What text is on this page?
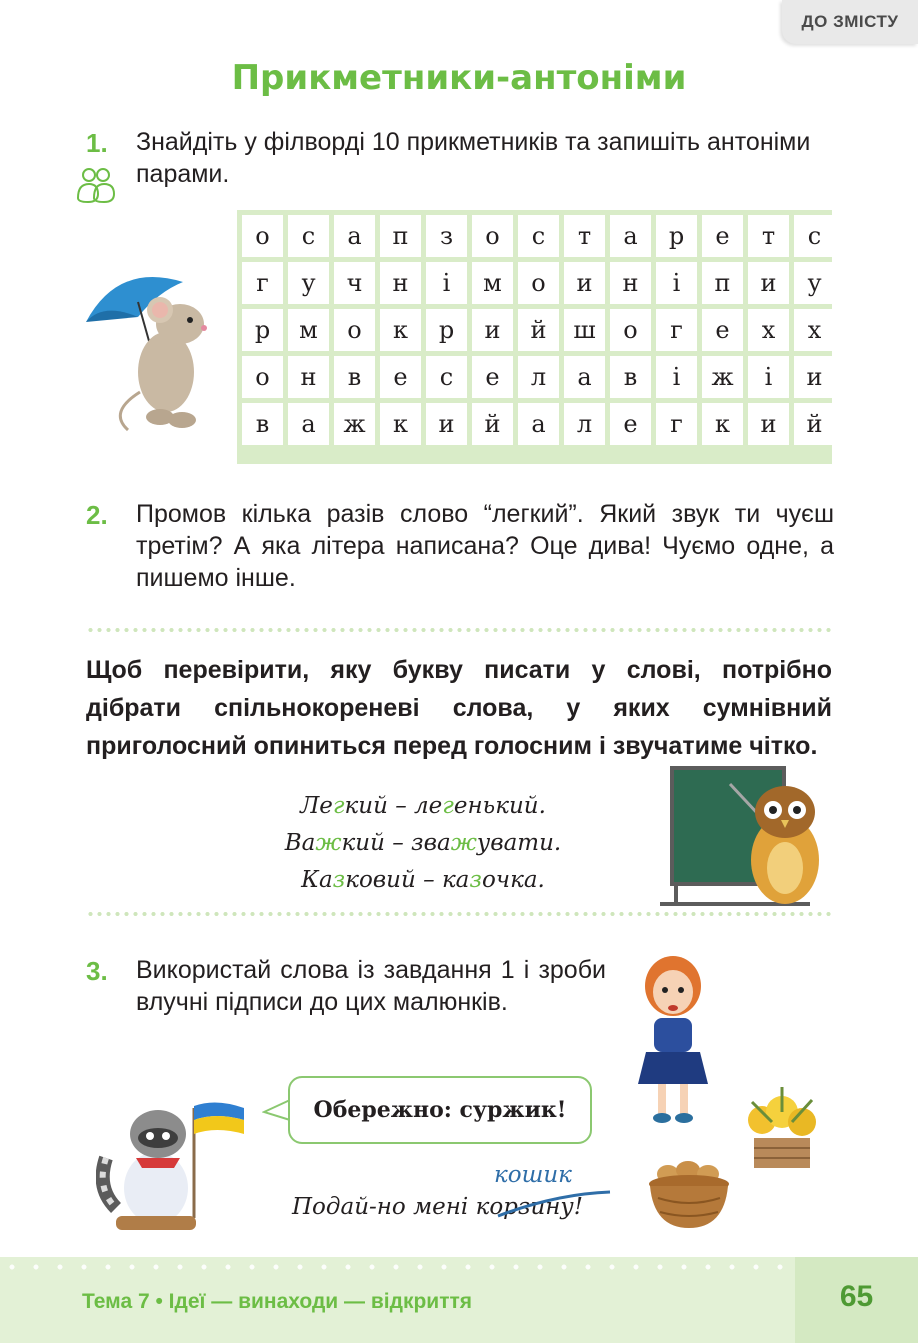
ДО ЗМІСТУ
Прикметники-антоніми
1. Знайдіть у філворді 10 прикметників та запишіть антоніми парами.
о	с	а	п	з	о	с	т	а	р	е	т	с
г	у	ч	н	і	м	о	и	н	і	п	и	у
р	м	о	к	р	и	й	ш	о	г	е	х	х
о	н	в	е	с	е	л	а	в	і	ж	і	и
в	а	ж	к	и	й	а	л	е	г	к	и	й
2. Промов кілька разів слово “легкий”. Який звук ти чуєш третім? А яка літера написана? Оце дива! Чуємо одне, а пишемо інше.
Щоб перевірити, яку букву писати у слові, потрібно дібрати спільнокореневі слова, у яких сумнівний приголосний опиниться перед голосним і звучатиме чітко.
Легкий – легенький.
Важкий – зважувати.
Казковий – казочка.
3. Використай слова із завдання 1 і зроби влучні підписи до цих малюнків.
Обережно: суржик!
кошик
Подай-но мені корзину!
Тема 7 • Ідеї — винаходи — відкриття	65
